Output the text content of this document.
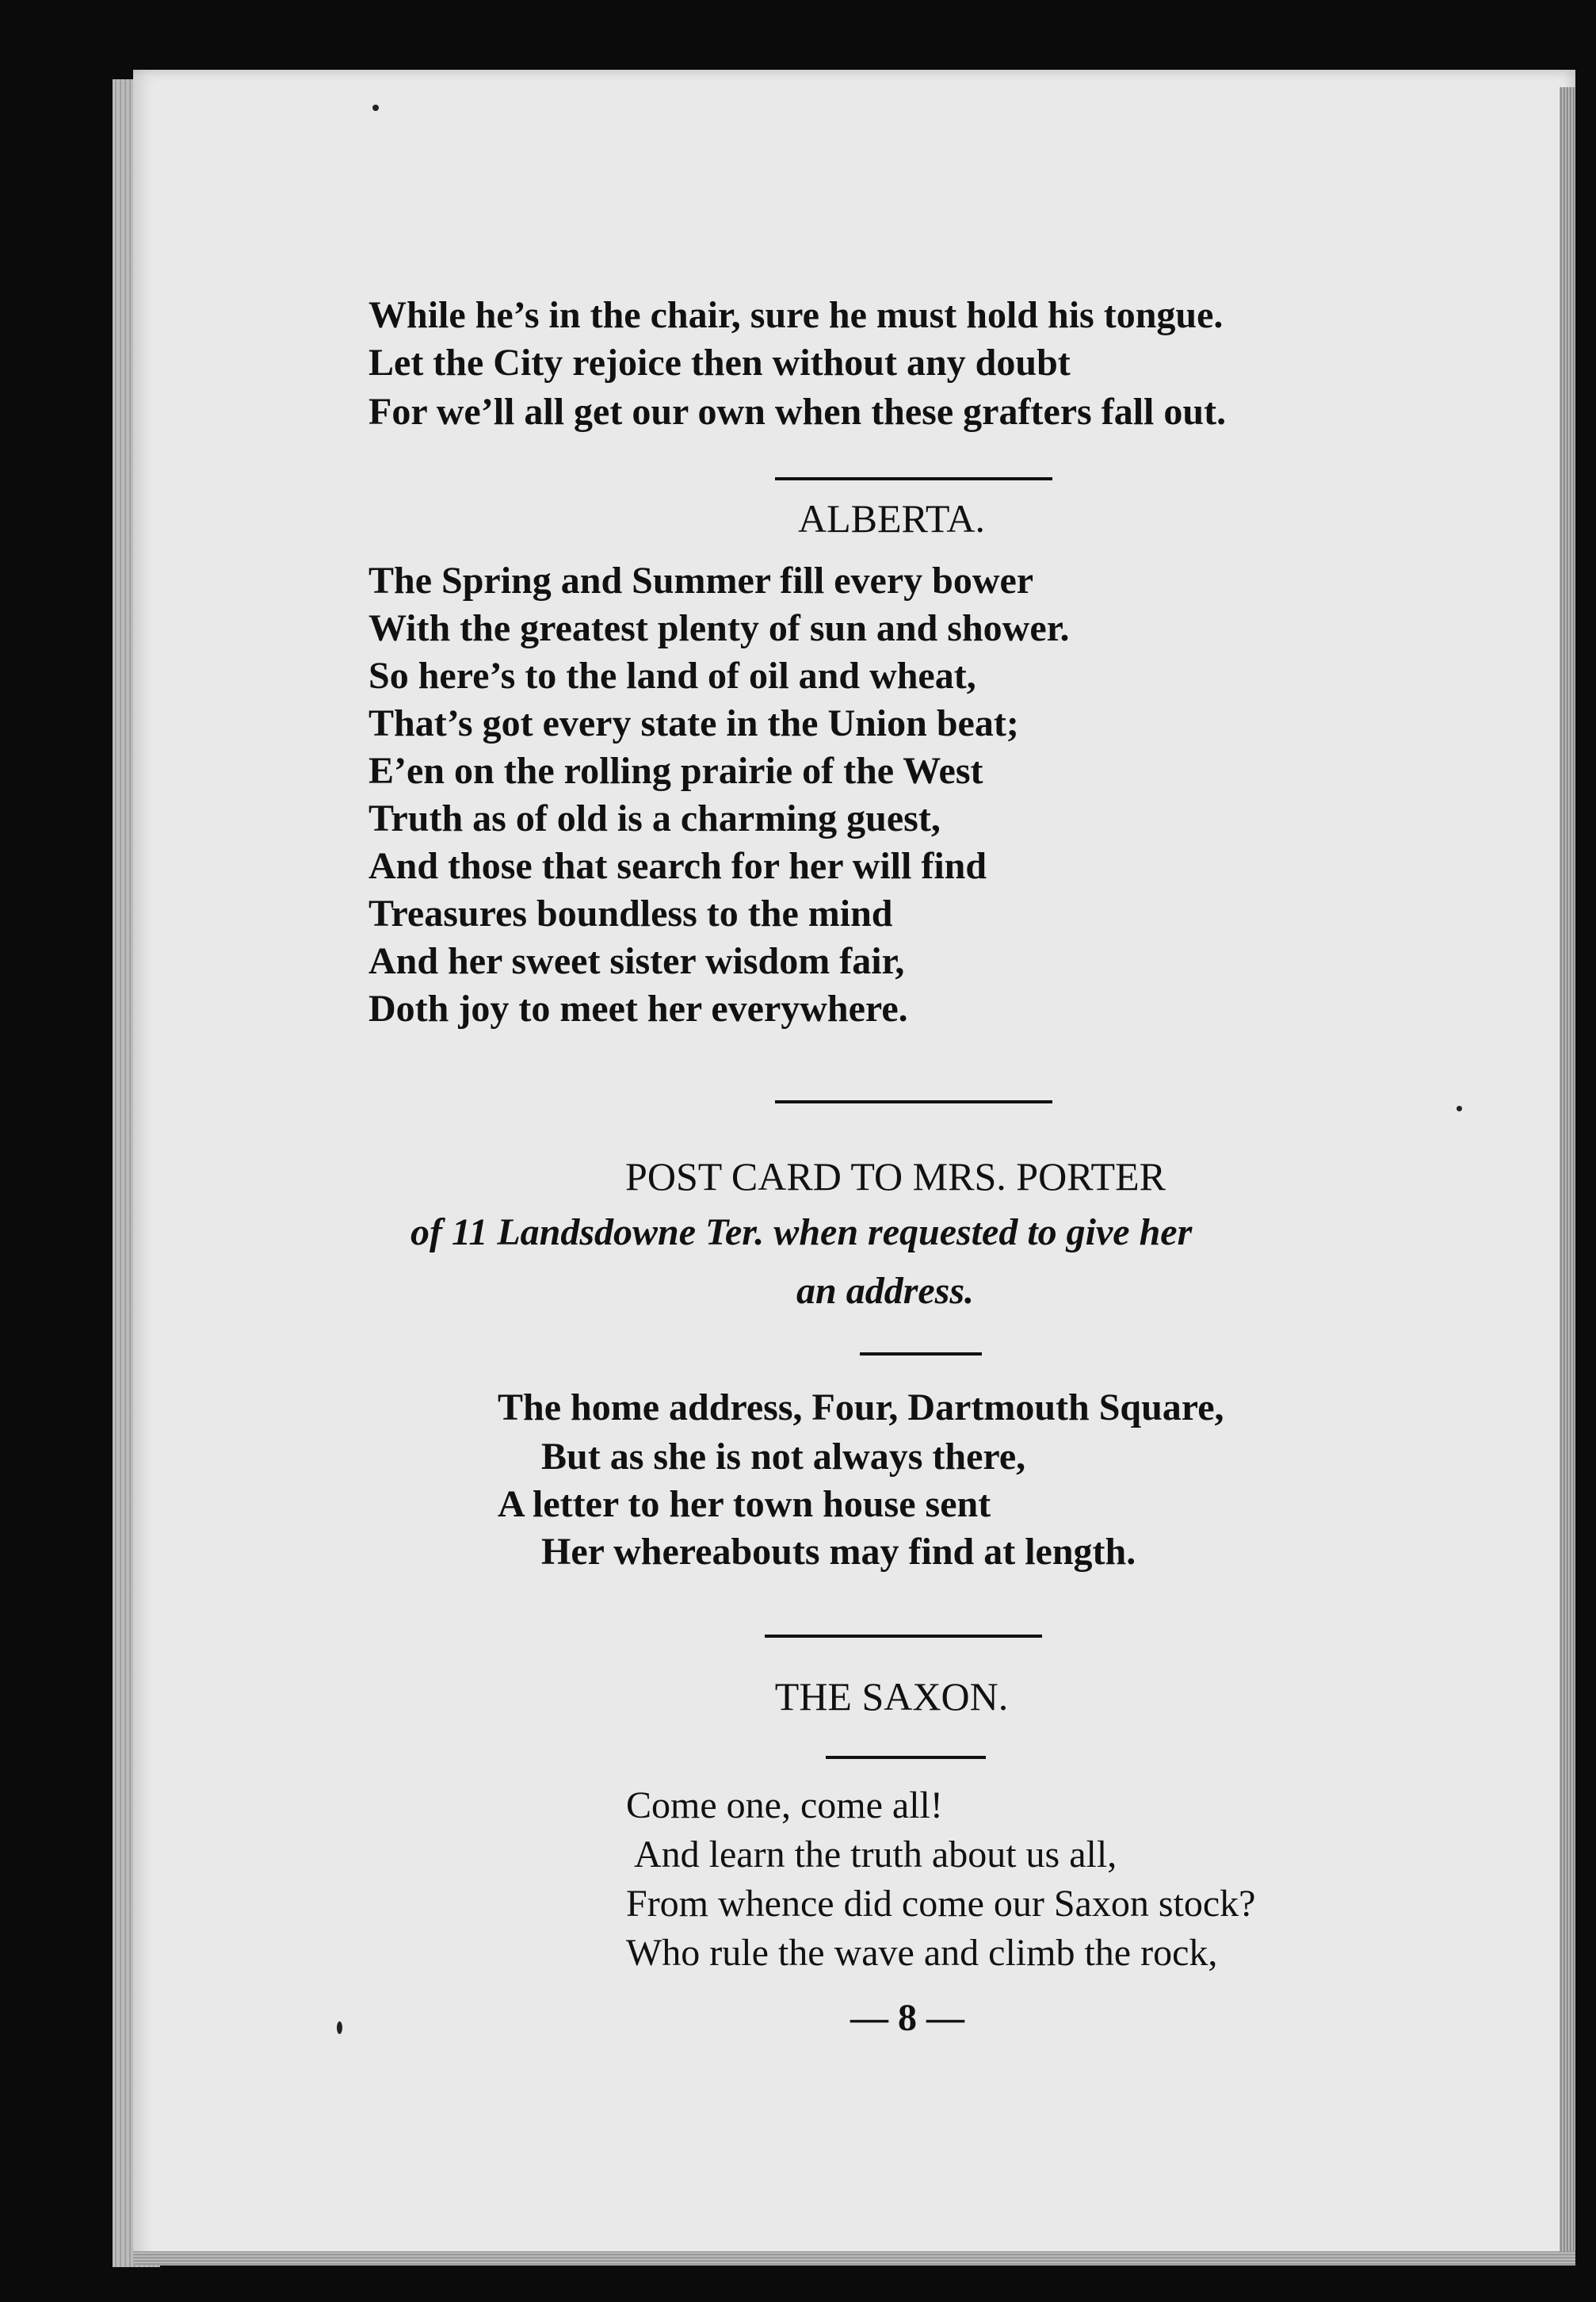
While he’s in the chair, sure he must hold his tongue.
Let the City rejoice then without any doubt
For we’ll all get our own when these grafters fall out.
ALBERTA.
The Spring and Summer fill every bower
With the greatest plenty of sun and shower.
So here’s to the land of oil and wheat,
That’s got every state in the Union beat;
E’en on the rolling prairie of the West
Truth as of old is a charming guest,
And those that search for her will find
Treasures boundless to the mind
And her sweet sister wisdom fair,
Doth joy to meet her everywhere.
POST CARD TO MRS. PORTER
of 11 Landsdowne Ter. when requested to give her
an address.
The home address, Four, Dartmouth Square,
But as she is not always there,
A letter to her town house sent
Her whereabouts may find at length.
THE SAXON.
Come one, come all!
And learn the truth about us all,
From whence did come our Saxon stock?
Who rule the wave and climb the rock,
— 8 —
